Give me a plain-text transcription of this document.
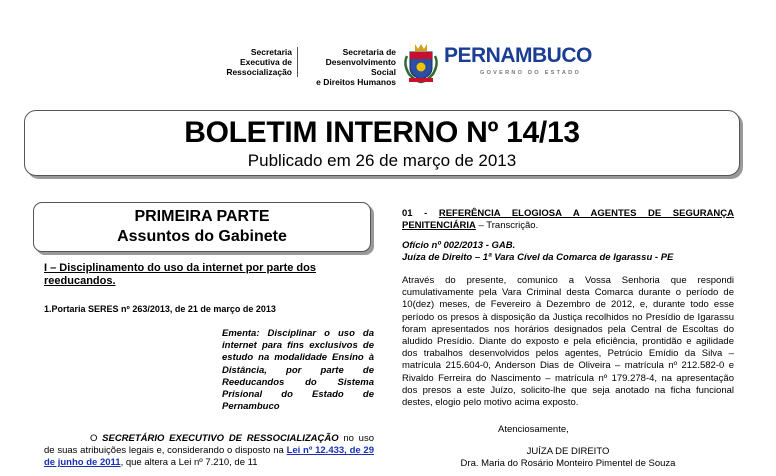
Secretaria
Executiva de
Ressocialização
Secretaria de
Desenvolvimento Social
e Direitos Humanos
PERNAMBUCO
GOVERNO DO ESTADO
BOLETIM INTERNO Nº 14/13
Publicado em 26 de março de 2013
PRIMEIRA PARTE
Assuntos do Gabinete
I – Disciplinamento do uso da internet por parte dos reeducandos.
1.Portaria SERES nº 263/2013, de 21 de março de 2013
Ementa: Disciplinar o uso da internet para fins exclusivos de estudo na modalidade Ensino à Distância, por parte de Reeducandos do Sistema Prisional do Estado de Pernambuco
O SECRETÁRIO EXECUTIVO DE RESSOCIALIZAÇÃO no uso de suas atribuições legais e, considerando o disposto na Lei nº 12.433, de 29 de junho de 2011, que altera a Lei nº 7.210, de 11
01 - REFERÊNCIA ELOGIOSA A AGENTES DE SEGURANÇA PENITENCIÁRIA – Transcrição.
Ofício nº 002/2013 - GAB.
Juíza de Direito – 1ª Vara Cível da Comarca de Igarassu - PE
Através do presente, comunico a Vossa Senhoria que respondi cumulativamente pela Vara Criminal desta Comarca durante o período de 10(dez) meses, de Fevereiro à Dezembro de 2012, e, durante todo esse período os presos à disposição da Justiça recolhidos no Presídio de Igarassu foram apresentados nos horários designados pela Central de Escoltas do aludido Presídio. Diante do exposto e pela eficiência, prontidão e agilidade dos trabalhos desenvolvidos pelos agentes, Petrúcio Emídio da Silva – matrícula 215.604-0, Anderson Dias de Oliveira – matrícula nº 212.582-0 e Rivaldo Ferreira do Nascimento – matrícula nº 179.278-4, na apresentação dos presos a este Juízo, solicito-lhe que seja anotado na ficha funcional destes, elogio pelo motivo acima exposto.
Atenciosamente,
JUÍZA DE DIREITO
Dra. Maria do Rosário Monteiro Pimentel de Souza
